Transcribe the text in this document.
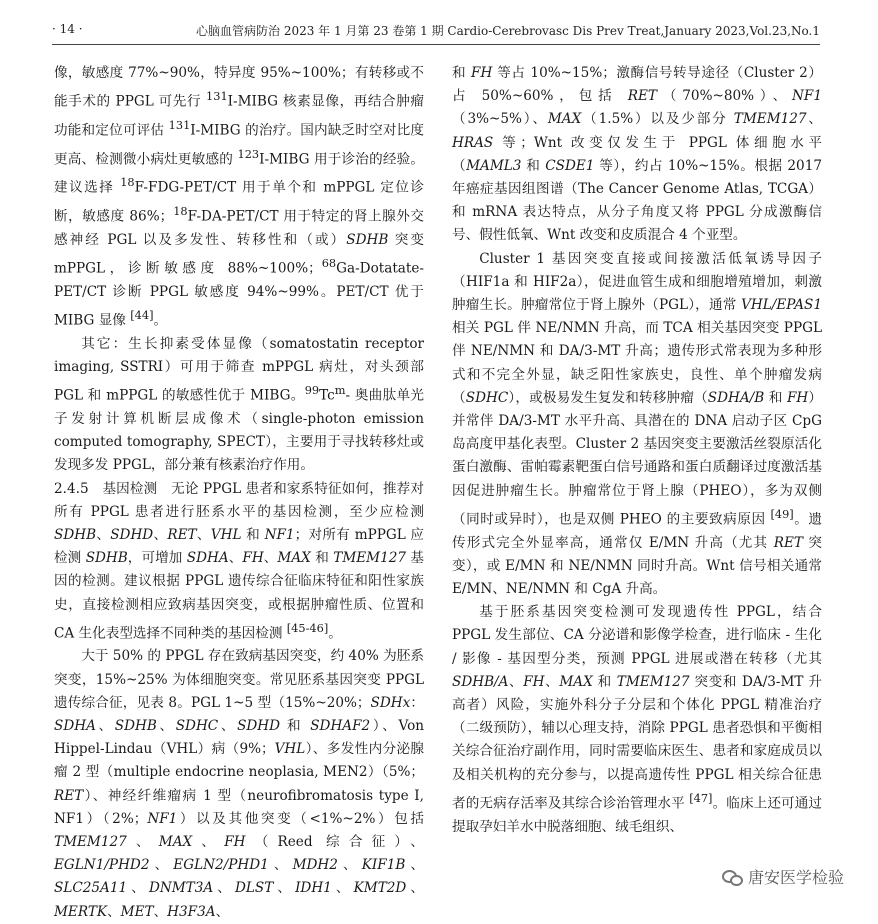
· 14 ·	心脑血管病防治 2023 年 1 月第 23 卷第 1 期 Cardio-Cerebrovasc Dis Prev Treat,January 2023,Vol.23,No.1

像，敏感度 77%~90%，特异度 95%~100%；有转移或不能手术的 PPGL 可先行 $^{131}$I-MIBG 核素显像，再结合肿瘤功能和定位可评估 $^{131}$I-MIBG 的治疗。国内缺乏时空对比度更高、检测微小病灶更敏感的 $^{123}$I-MIBG 用于诊治的经验。建议选择 $^{18}$F-FDG-PET/CT 用于单个和 mPPGL 定位诊断，敏感度 86%；$^{18}$F-DA-PET/CT 用于特定的肾上腺外交感神经 PGL 以及多发性、转移性和（或）SDHB 突变 mPPGL，诊断敏感度 88%~100%；$^{68}$Ga-Dotatate-PET/CT 诊断 PPGL 敏感度 94%~99%。PET/CT 优于 MIBG 显像 [44]。

其它：生长抑素受体显像（somatostatin receptor imaging, SSTRI）可用于筛查 mPPGL 病灶，对头颈部 PGL 和 mPPGL 的敏感性优于 MIBG。$^{99}$Tc$^m$- 奥曲肽单光子发射计算机断层成像术（single-photon emission computed tomography, SPECT），主要用于寻找转移灶或发现多发 PPGL，部分兼有核素治疗作用。

2.4.5　基因检测　无论 PPGL 患者和家系特征如何，推荐对所有 PPGL 患者进行胚系水平的基因检测，至少应检测 SDHB、SDHD、RET、VHL 和 NF1；对所有 mPPGL 应检测 SDHB，可增加 SDHA、FH、MAX 和 TMEM127 基因的检测。建议根据 PPGL 遗传综合征临床特征和阳性家族史，直接检测相应致病基因突变，或根据肿瘤性质、位置和 CA 生化表型选择不同种类的基因检测 [45-46]。

大于 50% 的 PPGL 存在致病基因突变，约 40% 为胚系突变，15%~25% 为体细胞突变。常见胚系基因突变 PPGL 遗传综合征，见表 8。PGL 1~5 型（15%~20%；SDHx：SDHA、SDHB、SDHC、SDHD 和 SDHAF2）、Von Hippel-Lindau（VHL）病（9%；VHL）、多发性内分泌腺瘤 2 型（multiple endocrine neoplasia, MEN2）（5%；RET）、神经纤维瘤病 1 型（neurofibromatosis type I, NF1）（2%；NF1）以及其他突变（<1%~2%）包括 TMEM127、MAX、FH（Reed 综合征）、EGLN1/PHD2、EGLN2/PHD1、MDH2、KIF1B、SLC25A11、DNMT3A、DLST、IDH1、KMT2D、MERTK、MET、H3F3A、

和 FH 等占 10%~15%；激酶信号转导途径（Cluster 2）占 50%~60%，包括 RET（70%~80%）、NF1（3%~5%）、MAX（1.5%）以及少部分 TMEM127、HRAS 等；Wnt 改变仅发生于 PPGL 体细胞水平（MAML3 和 CSDE1 等），约占 10%~15%。根据 2017 年癌症基因组图谱（The Cancer Genome Atlas, TCGA）和 mRNA 表达特点，从分子角度又将 PPGL 分成激酶信号、假性低氧、Wnt 改变和皮质混合 4 个亚型。

Cluster 1 基因突变直接或间接激活低氧诱导因子（HIF1a 和 HIF2a），促进血管生成和细胞增殖增加，刺激肿瘤生长。肿瘤常位于肾上腺外（PGL），通常 VHL/EPAS1 相关 PGL 伴 NE/NMN 升高，而 TCA 相关基因突变 PPGL 伴 NE/NMN 和 DA/3-MT 升高；遗传形式常表现为多种形式和不完全外显，缺乏阳性家族史，良性、单个肿瘤发病（SDHC），或极易发生复发和转移肿瘤（SDHA/B 和 FH）并常伴 DA/3-MT 水平升高、具潜在的 DNA 启动子区 CpG 岛高度甲基化表型。Cluster 2 基因突变主要激活丝裂原活化蛋白激酶、雷帕霉素靶蛋白信号通路和蛋白质翻译过度激活基因促进肿瘤生长。肿瘤常位于肾上腺（PHEO），多为双侧（同时或异时），也是双侧 PHEO 的主要致病原因 [49]。遗传形式完全外显率高，通常仅 E/MN 升高（尤其 RET 突变），或 E/MN 和 NE/NMN 同时升高。Wnt 信号相关通常 E/MN、NE/NMN 和 CgA 升高。

基于胚系基因突变检测可发现遗传性 PPGL，结合 PPGL 发生部位、CA 分泌谱和影像学检查，进行临床 - 生化 / 影像 - 基因型分类，预测 PPGL 进展或潜在转移（尤其 SDHB/A、FH、MAX 和 TMEM127 突变和 DA/3-MT 升高者）风险，实施外科分子分层和个体化 PPGL 精准治疗（二级预防），辅以心理支持，消除 PPGL 患者恐惧和平衡相关综合征治疗副作用，同时需要临床医生、患者和家庭成员以及相关机构的充分参与，以提高遗传性 PPGL 相关综合征患者的无病存活率及其综合诊治管理水平 [47]。临床上还可通过提取孕妇羊水中脱落细胞、绒毛组织、

唐安医学检验
